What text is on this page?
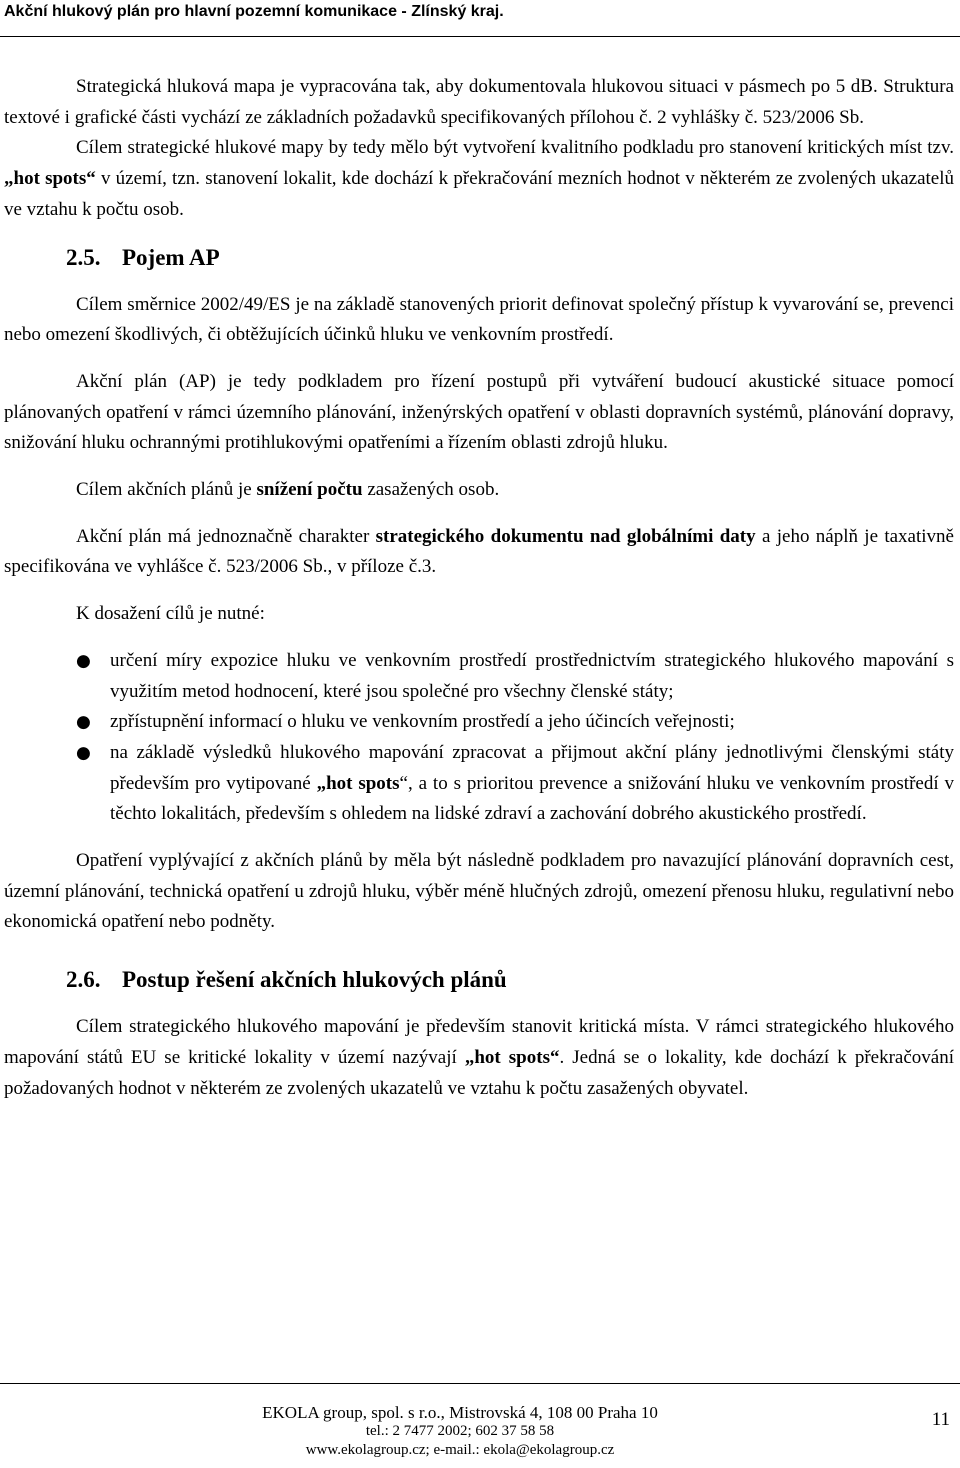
Akční hlukový plán pro hlavní pozemní komunikace - Zlínský kraj.

Strategická hluková mapa je vypracována tak, aby dokumentovala hlukovou situaci v pásmech po 5 dB. Struktura textové i grafické části vychází ze základních požadavků specifikovaných přílohou č. 2 vyhlášky č. 523/2006 Sb.

Cílem strategické hlukové mapy by tedy mělo být vytvoření kvalitního podkladu pro stanovení kritických míst tzv. „hot spots“ v území, tzn. stanovení lokalit, kde dochází k překračování mezních hodnot v některém ze zvolených ukazatelů ve vztahu k počtu osob.

2.5. Pojem AP

Cílem směrnice 2002/49/ES je na základě stanovených priorit definovat společný přístup k vyvarování se, prevenci nebo omezení škodlivých, či obtěžujících účinků hluku ve venkovním prostředí.

Akční plán (AP) je tedy podkladem pro řízení postupů při vytváření budoucí akustické situace pomocí plánovaných opatření v rámci územního plánování, inženýrských opatření v oblasti dopravních systémů, plánování dopravy, snižování hluku ochrannými protihlukovými opatřeními a řízením oblasti zdrojů hluku.

Cílem akčních plánů je snížení počtu zasažených osob.

Akční plán má jednoznačně charakter strategického dokumentu nad globálními daty a jeho náplň je taxativně specifikována ve vyhlášce č. 523/2006 Sb., v příloze č.3.

K dosažení cílů je nutné:

● určení míry expozice hluku ve venkovním prostředí prostřednictvím strategického hlukového mapování s využitím metod hodnocení, které jsou společné pro všechny členské státy;
● zpřístupnění informací o hluku ve venkovním prostředí a jeho účincích veřejnosti;
● na základě výsledků hlukového mapování zpracovat a přijmout akční plány jednotlivými členskými státy především pro vytipované „hot spots“, a to s prioritou prevence a snižování hluku ve venkovním prostředí v těchto lokalitách, především s ohledem na lidské zdraví a zachování dobrého akustického prostředí.

Opatření vyplývající z akčních plánů by měla být následně podkladem pro navazující plánování dopravních cest, územní plánování, technická opatření u zdrojů hluku, výběr méně hlučných zdrojů, omezení přenosu hluku, regulativní nebo ekonomická opatření nebo podněty.

2.6. Postup řešení akčních hlukových plánů

Cílem strategického hlukového mapování je především stanovit kritická místa. V rámci strategického hlukového mapování států EU se kritické lokality v území nazývají „hot spots“. Jedná se o lokality, kde dochází k překračování požadovaných hodnot v některém ze zvolených ukazatelů ve vztahu k počtu zasažených obyvatel.

EKOLA group, spol. s r.o., Mistrovská 4, 108 00 Praha 10
tel.: 2 7477 2002; 602 37 58 58
www.ekolagroup.cz; e-mail.: ekola@ekolagroup.cz
11
